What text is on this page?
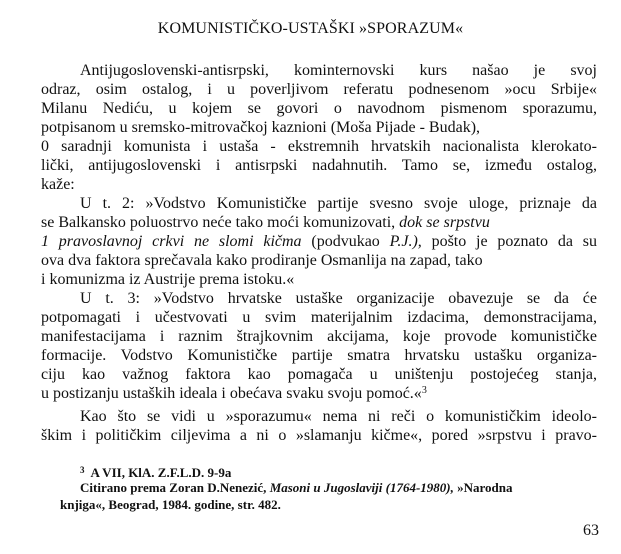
KOMUNISTIČKO-USTAŠKI »SPORAZUM«
Antijugoslovenski-antisrpski, kominternovski kurs našao je svoj
odraz, osim ostalog, i u poverljivom referatu podnesenom »ocu Srbije«
Milanu Nediću, u kojem se govori o navodnom pismenom sporazumu,
potpisanom u sremsko-mitrovačkoj kaznioni (Moša Pijade - Budak),
0 saradnji komunista i ustaša - ekstremnih hrvatskih nacionalista klerokato-
lički, antijugoslovenski i antisrpski nadahnutih. Tamo se, između ostalog,
kaže:
U t. 2: »Vodstvo Komunističke partije svesno svoje uloge, priznaje da
se Balkansko poluostrvo neće tako moći komunizovati, dok se srpstvu
1 pravoslavnoj crkvi ne slomi kičma (podvukao P.J.), pošto je poznato da su
ova dva faktora sprečavala kako prodiranje Osmanlija na zapad, tako
i komunizma iz Austrije prema istoku.«
U t. 3: »Vodstvo hrvatske ustaške organizacije obavezuje se da će
potpomagati i učestvovati u svim materijalnim izdacima, demonstracijama,
manifestacijama i raznim štrajkovnim akcijama, koje provode komunističke
formacije. Vodstvo Komunističke partije smatra hrvatsku ustašku organiza-
ciju kao važnog faktora kao pomagača u uništenju postojećeg stanja,
u postizanju ustaških ideala i obećava svaku svoju pomoć.«$^3$
Kao što se vidi u »sporazumu« nema ni reči o komunističkim ideolo-
škim i političkim ciljevima a ni o »slamanju kičme«, pored »srpstvu i pravo-
$^3$ A VII, KlA. Z.F.L.D. 9-9a
Citirano prema Zoran D.Nenezić, Masoni u Jugoslaviji (1764-1980), »Narodna
knjiga«, Beograd, 1984. godine, str. 482.
63
